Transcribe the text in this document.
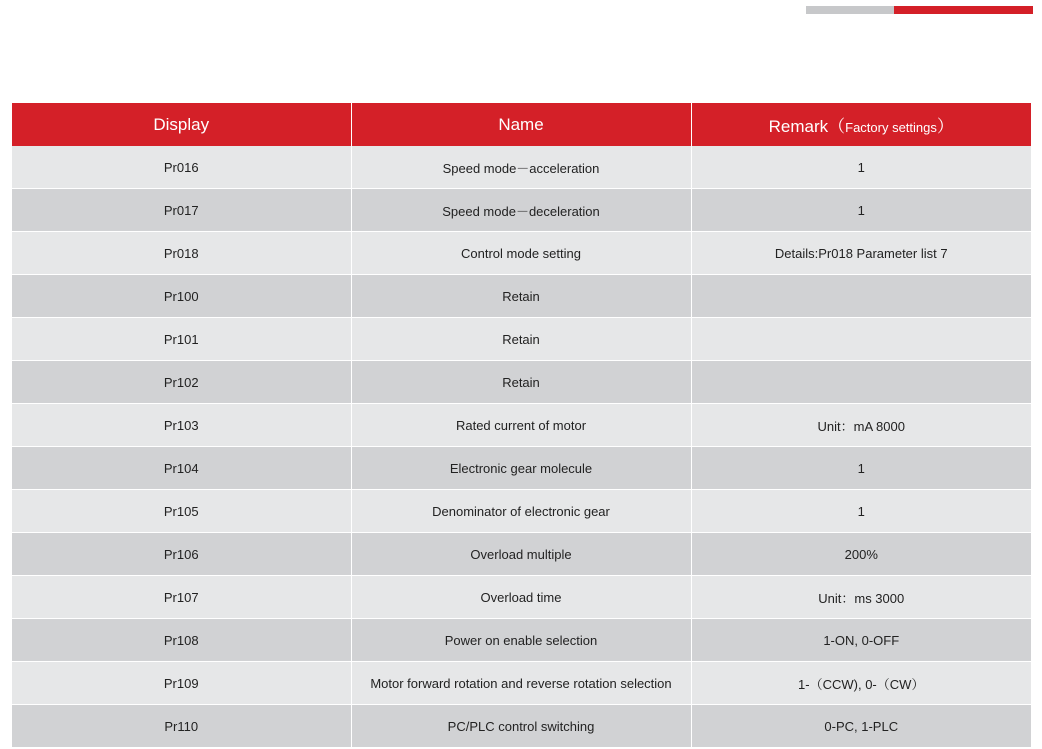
Display	Name	Remark（Factory settings）
Pr016	Speed mode－acceleration	1
Pr017	Speed mode－deceleration	1
Pr018	Control mode setting	Details:Pr018 Parameter list 7
Pr100	Retain	
Pr101	Retain	
Pr102	Retain	
Pr103	Rated current of motor	Unit：mA 8000
Pr104	Electronic gear molecule	1
Pr105	Denominator of electronic gear	1
Pr106	Overload multiple	200%
Pr107	Overload time	Unit：ms 3000
Pr108	Power on enable selection	1-ON, 0-OFF
Pr109	Motor forward rotation and reverse rotation selection	1-（CCW), 0-（CW）
Pr110	PC/PLC control switching	0-PC, 1-PLC
